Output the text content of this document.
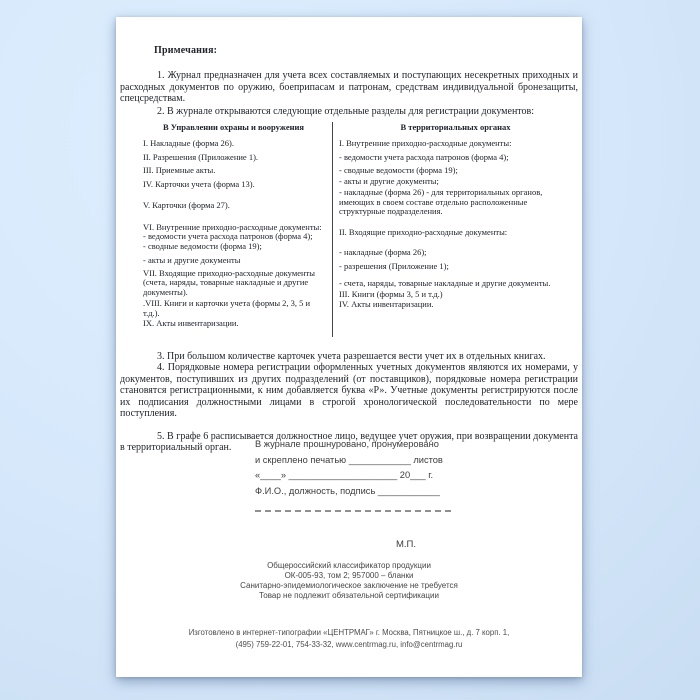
Примечания:

1. Журнал предназначен для учета всех составляемых и поступающих несекретных приходных и расходных документов по оружию, боеприпасам и патронам, средствам индивидуальной бронезащиты, спецсредствам.

2. В журнале открываются следующие отдельные разделы для регистрации документов:

В Управлении охраны и вооружения
I. Накладные (форма 26).
II. Разрешения (Приложение 1).
III. Приемные акты.
IV. Карточки учета (форма 13).
V. Карточки (форма 27).
VI. Внутренние приходно-расходные документы:
- ведомости учета расхода патронов (форма 4);
- сводные ведомости (форма 19);
- акты и другие документы
VII. Входящие приходно-расходные документы (счета, наряды, товарные накладные и другие документы).
.VIII. Книги и карточки учета (формы 2, 3, 5 и т.д.).
IX. Акты инвентаризации.
В территориальных органах
I. Внутренние приходно-расходные документы:
- ведомости учета расхода патронов (форма 4);
- сводные ведомости (форма 19);
- акты и другие документы;
- накладные (форма 26) - для территориальных органов, имеющих в своем составе отдельно расположенные структурные подразделения.
II. Входящие приходно-расходные документы:
- накладные (форма 26);
- разрешения (Приложение 1);
- счета, наряды, товарные накладные и другие документы.
III. Книги (формы 3, 5 и т.д.)
IV. Акты инвентаризации.

3. При большом количестве карточек учета разрешается вести учет их в отдельных книгах.

4. Порядковые номера регистрации оформленных учетных документов являются их номерами, у документов, поступивших из других подразделений (от поставщиков), порядковые номера регистрации становятся регистрационными, к ним добавляется буква «Р». Учетные документы регистрируются после их подписания должностными лицами в строгой хронологической последовательности по мере поступления.

5. В графе 6 расписывается должностное лицо, ведущее учет оружия, при возвращении документа в территориальный орган.	В журнале прошнуровано, пронумеровано
и скреплено печатью ____________ листов
«____» _____________________ 20___ г.
Ф.И.О., должность, подпись ____________
М.П.
Общероссийский классификатор продукции
ОК-005-93, том 2; 957000 – бланки
Санитарно-эпидемиологическое заключение не требуется
Товар не подлежит обязательной сертификации
Изготовлено в интернет-типографии «ЦЕНТРМАГ» г. Москва, Пятницкое ш., д. 7 корп. 1,
(495) 759-22-01, 754-33-32, www.centrmag.ru, info@centrmag.ru
